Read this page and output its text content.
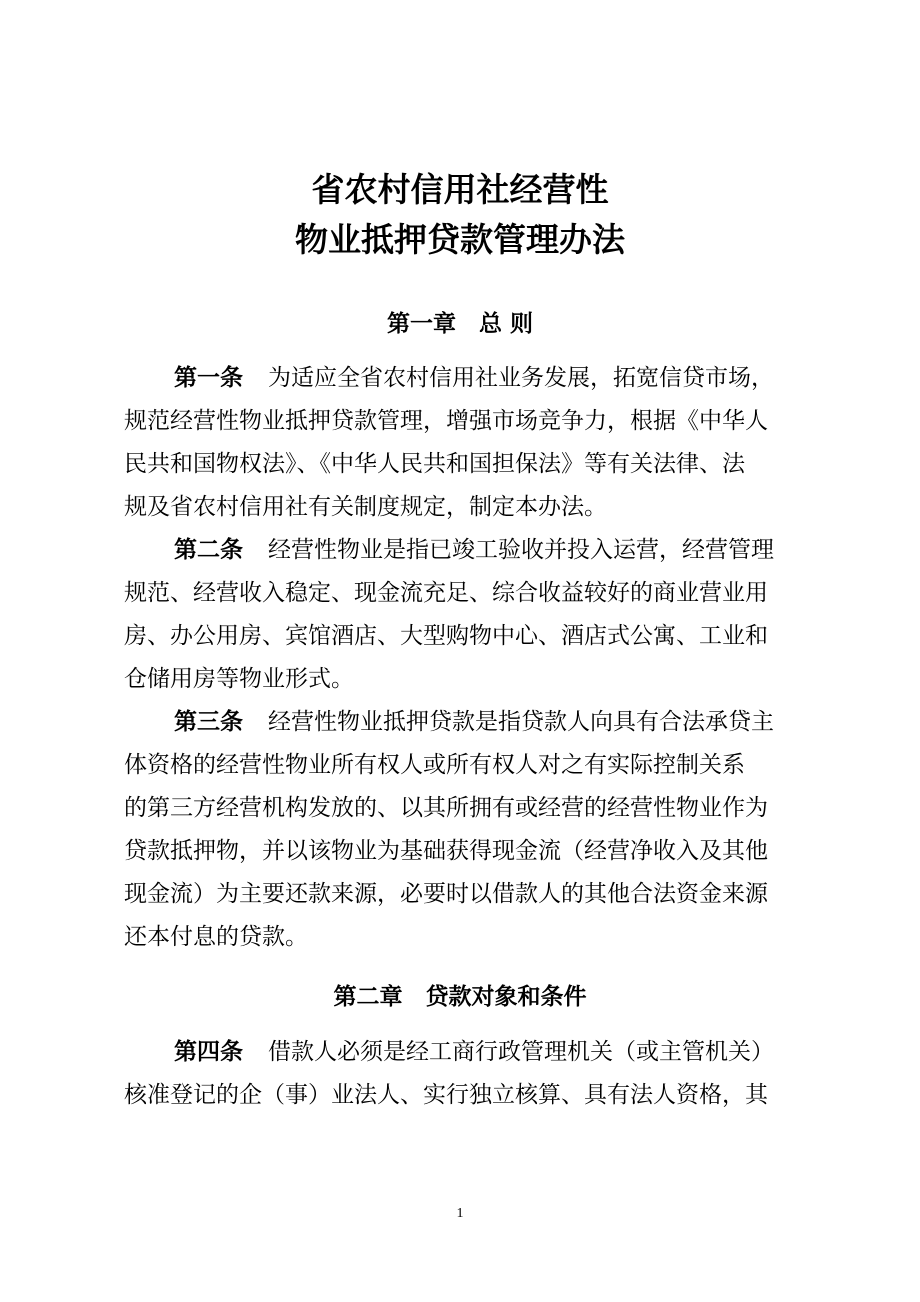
省农村信用社经营性
物业抵押贷款管理办法
第一章　总 则
第一条 为适应全省农村信用社业务发展，拓宽信贷市场，
规范经营性物业抵押贷款管理，增强市场竞争力，根据《中华人
民共和国物权法》、《中华人民共和国担保法》等有关法律、法
规及省农村信用社有关制度规定，制定本办法。
第二条 经营性物业是指已竣工验收并投入运营，经营管理
规范、经营收入稳定、现金流充足、综合收益较好的商业营业用
房、办公用房、宾馆酒店、大型购物中心、酒店式公寓、工业和
仓储用房等物业形式。
第三条 经营性物业抵押贷款是指贷款人向具有合法承贷主
体资格的经营性物业所有权人或所有权人对之有实际控制关系
的第三方经营机构发放的、以其所拥有或经营的经营性物业作为
贷款抵押物，并以该物业为基础获得现金流（经营净收入及其他
现金流）为主要还款来源，必要时以借款人的其他合法资金来源
还本付息的贷款。
第二章　贷款对象和条件
第四条 借款人必须是经工商行政管理机关（或主管机关）
核准登记的企（事）业法人、实行独立核算、具有法人资格，其
1
